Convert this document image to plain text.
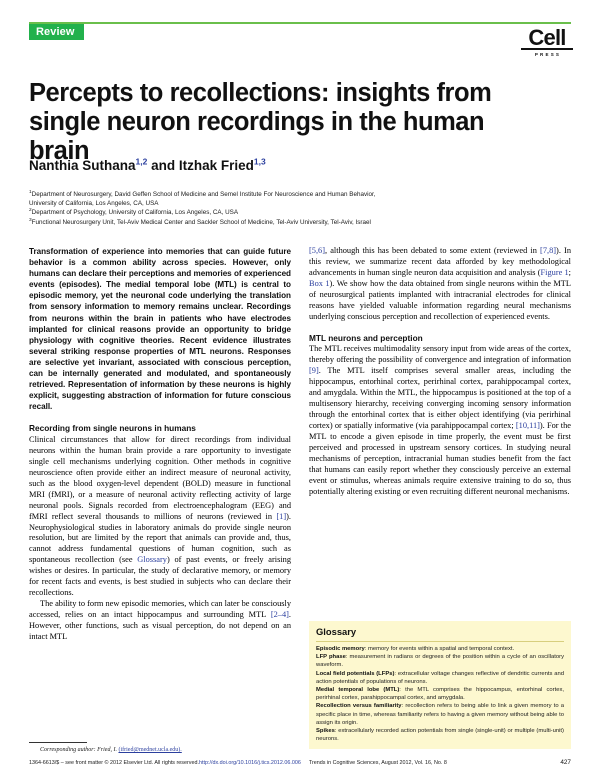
Review	Cell
PRESS
Percepts to recollections: insights from single neuron recordings in the human brain
Nanthia Suthana$^{1,2}$ and Itzhak Fried$^{1,3}$
$^1$Department of Neurosurgery, David Geffen School of Medicine and Semel Institute For Neuroscience and Human Behavior,
University of California, Los Angeles, CA, USA
$^2$Department of Psychology, University of California, Los Angeles, CA, USA
$^3$Functional Neurosurgery Unit, Tel-Aviv Medical Center and Sackler School of Medicine, Tel-Aviv University, Tel-Aviv, Israel

Transformation of experience into memories that can guide future behavior is a common ability across species. However, only humans can declare their perceptions and memories of experienced events (episodes). The medial temporal lobe (MTL) is central to episodic memory, yet the neuronal code underlying the translation from sensory information to memory remains unclear. Recordings from neurons within the brain in patients who have electrodes implanted for clinical reasons provide an opportunity to bridge physiology with cognitive theories. Recent evidence illustrates several striking response properties of MTL neurons. Responses are selective yet invariant, associated with conscious perception, can be internally generated and modulated, and spontaneously retrieved. Representation of information by these neurons is highly explicit, suggesting abstraction of information for future conscious recall.

Recording from single neurons in humans

Clinical circumstances that allow for direct recordings from individual neurons within the human brain provide a rare opportunity to investigate single cell mechanisms underlying cognition. Other methods in cognitive neuroscience often provide either an indirect measure of neuronal activity, such as the blood oxygen-level dependent (BOLD) measure in functional MRI (fMRI), or a measure of neuronal activity reflecting activity of large neuronal pools. Signals recorded from electroencephalogram (EEG) and fMRI reflect several thousands to millions of neurons (reviewed in [1]). Neurophysiological studies in laboratory animals do provide single neuron resolution, but are limited by the report that animals can provide and, thus, cannot address fundamental questions of human cognition, such as spontaneous recollection (see Glossary) of past events, or freely arising wishes or desires. In particular, the study of declarative memory, or memory for recent facts and events, is best studied in subjects who can declare their recollections.

The ability to form new episodic memories, which can later be consciously accessed, relies on an intact hippocampus and surrounding MTL [2–4]. However, other functions, such as visual perception, do not depend on an intact MTL

[5,6], although this has been debated to some extent (reviewed in [7,8]). In this review, we summarize recent data afforded by key methodological advancements in human single neuron data acquisition and analysis (Figure 1; Box 1). We show how the data obtained from single neurons within the MTL of neurosurgical patients implanted with intracranial electrodes for clinical reasons have yielded valuable information regarding neural mechanisms underlying conscious perception and recollection of experienced events.

MTL neurons and perception

The MTL receives multimodality sensory input from wide areas of the cortex, thereby offering the possibility of convergence and integration of information [9]. The MTL itself comprises several smaller areas, including the hippocampus, entorhinal cortex, perirhinal cortex, parahippocampal cortex, and amygdala. Within the MTL, the hippocampus is positioned at the top of a multisensory hierarchy, receiving converging incoming sensory information through the entorhinal cortex that is either object identifying (via perirhinal cortex) or spatially informative (via parahippocampal cortex; [10,11]). For the MTL to encode a given episode in time properly, the event must be first perceived and processed in upstream sensory cortices. In studying neural mechanisms of perception, intracranial human studies benefit from the fact that humans can easily report whether they consciously perceive an external event or stimulus, whereas animals require extensive training to do so, thus potentially altering existing or even recruiting different neuronal mechanisms.

Glossary

Episodic memory: memory for events within a spatial and temporal context.

LFP phase: measurement in radians or degrees of the position within a cycle of an oscillatory waveform.

Local field potentials (LFPs): extracellular voltage changes reflective of dendritic currents and action potentials of populations of neurons.

Medial temporal lobe (MTL): the MTL comprises the hippocampus, entorhinal cortex, perirhinal cortex, parahippocampal cortex, and amygdala.

Recollection versus familiarity: recollection refers to being able to link a given memory to a specific place in time, whereas familiarity refers to having a given memory without being able to assign its origin.

Spikes: extracellularly recorded action potentials from single (single-unit) or multiple (multi-unit) neurons.

Corresponding author: Fried, I. (ifried@mednet.ucla.edu).
1364-6613/$ – see front matter © 2012 Elsevier Ltd. All rights reserved.http://dx.doi.org/10.1016/j.tics.2012.06.006 Trends in Cognitive Sciences, August 2012, Vol. 16, No. 8	427
